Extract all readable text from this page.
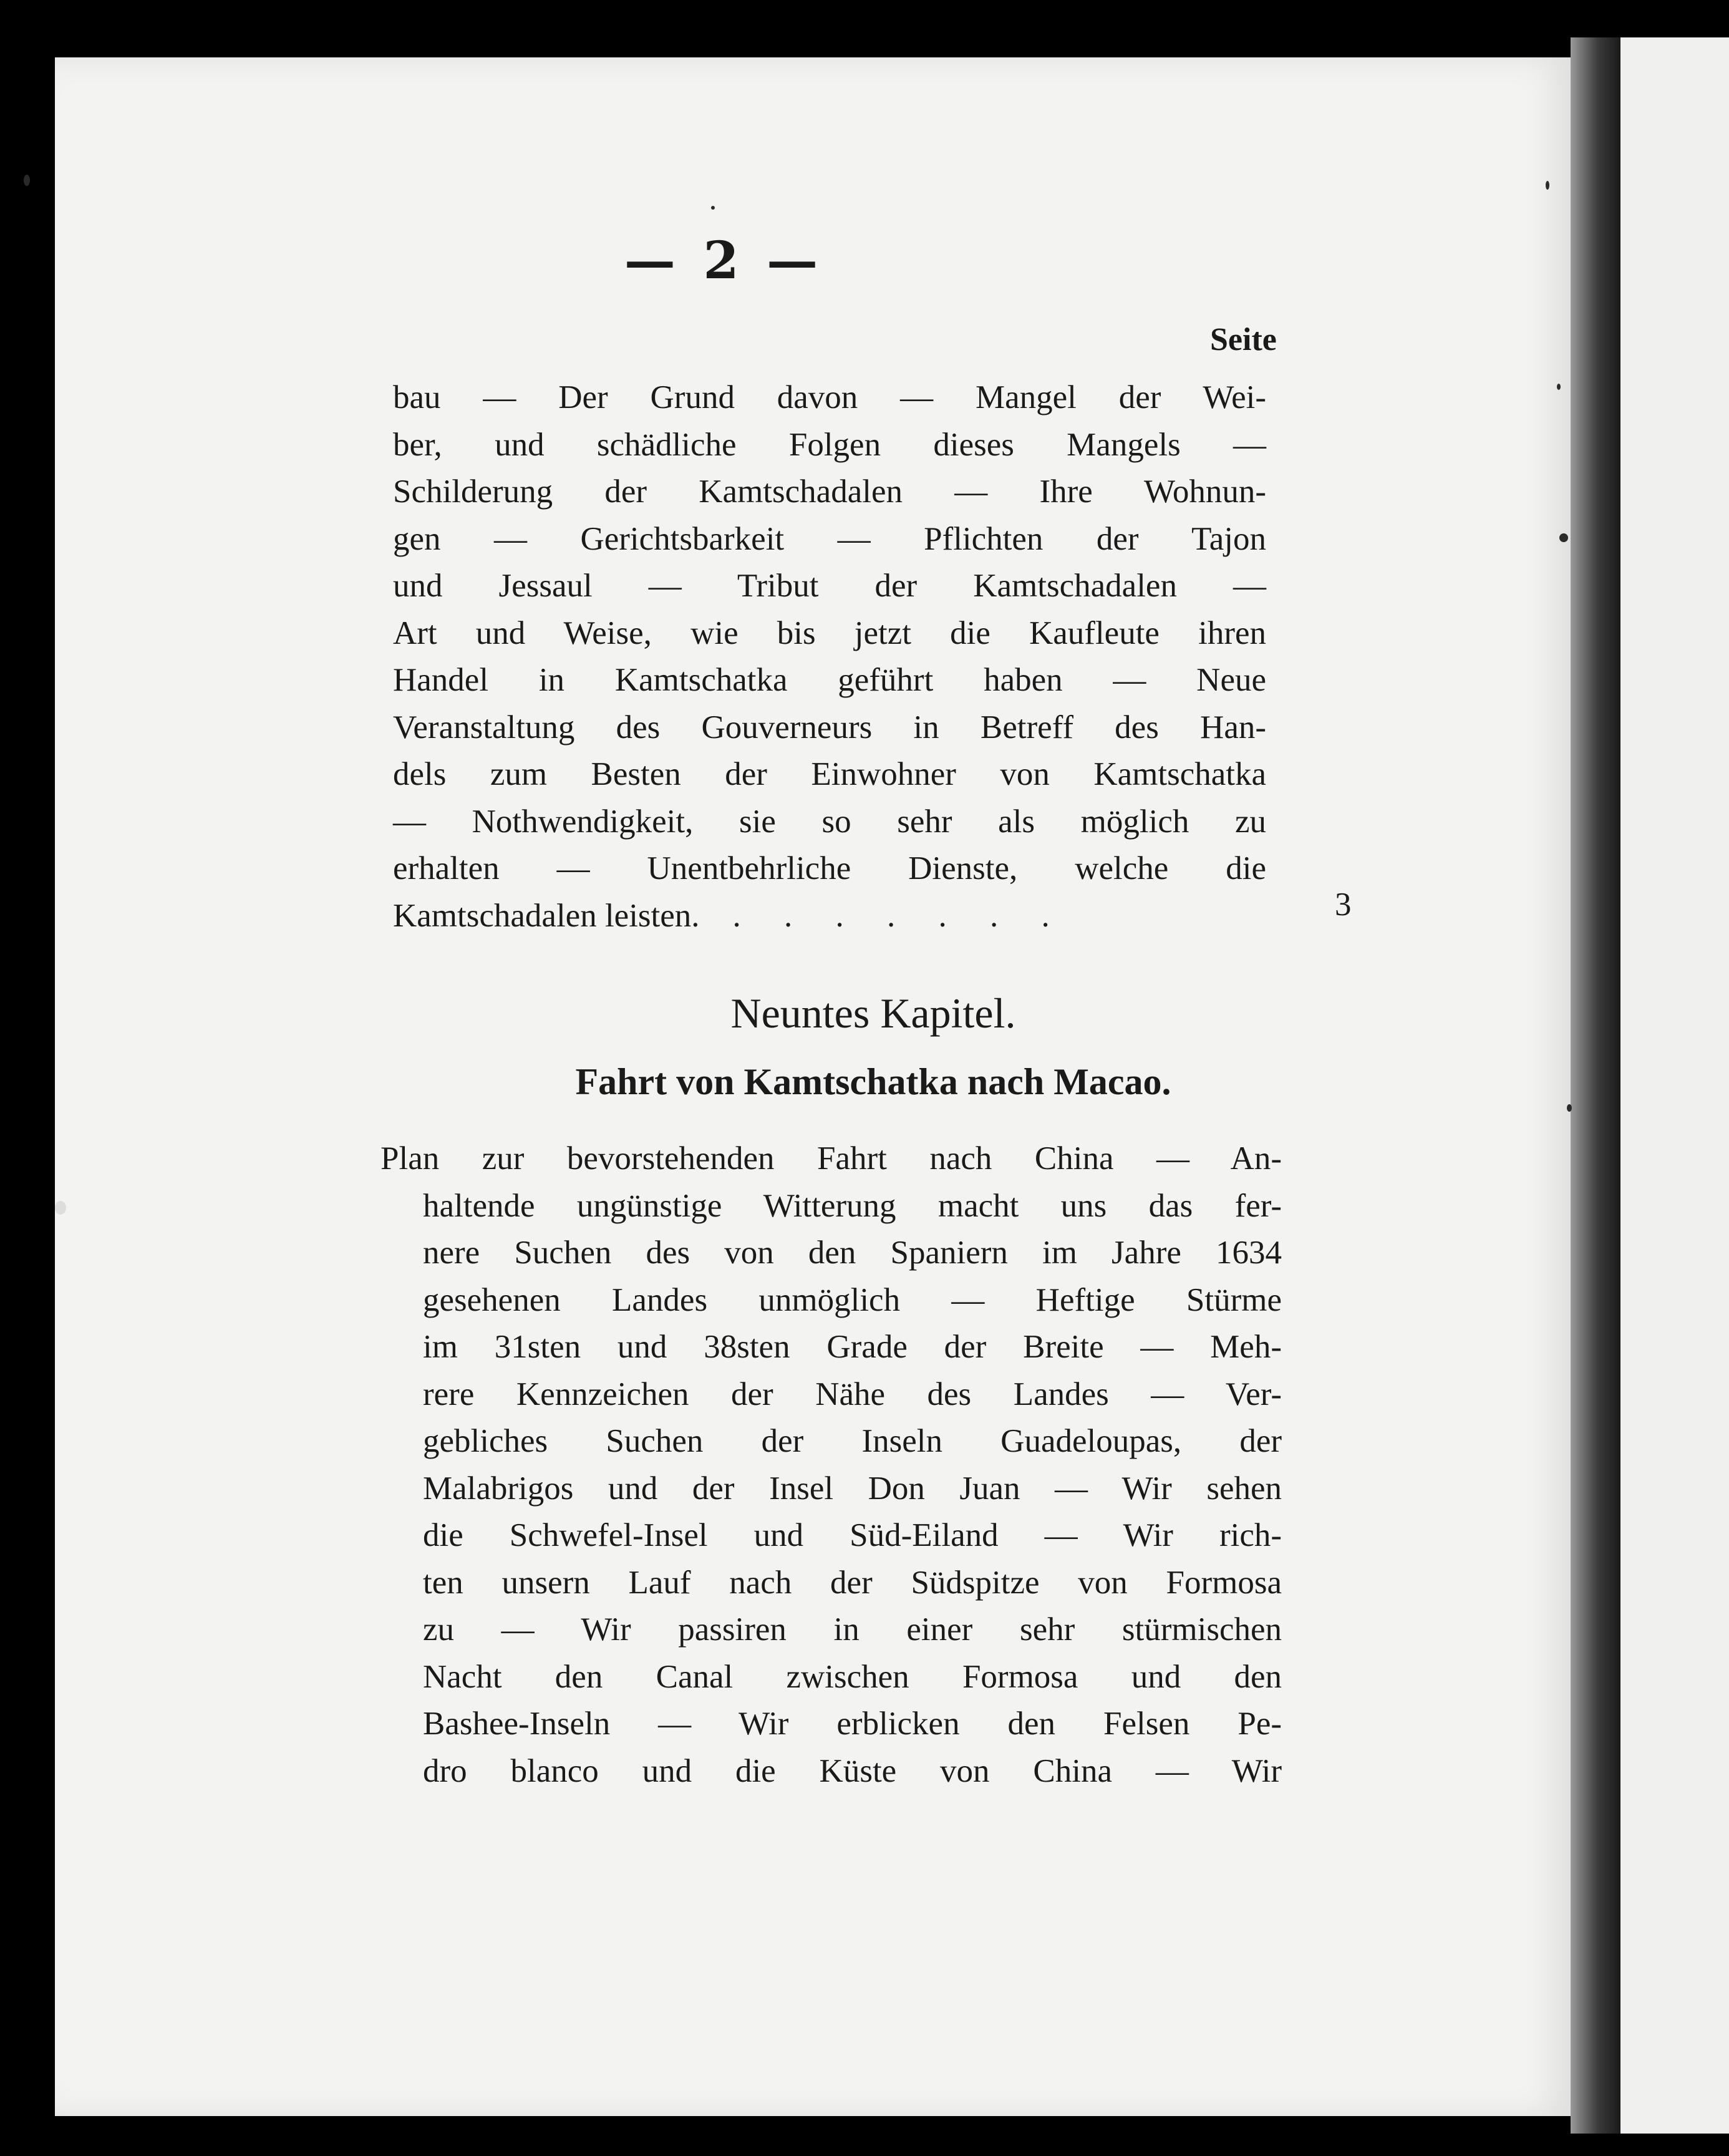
— 2 —
Seite
bau — Der Grund davon — Mangel der Wei-
ber, und schädliche Folgen dieses Mangels —
Schilderung der Kamtschadalen — Ihre Wohnun-
gen — Gerichtsbarkeit — Pflichten der Tajon
und Jessaul — Tribut der Kamtschadalen —
Art und Weise, wie bis jetzt die Kaufleute ihren
Handel in Kamtschatka geführt haben — Neue
Veranstaltung des Gouverneurs in Betreff des Han-
dels zum Besten der Einwohner von Kamtschatka
— Nothwendigkeit, sie so sehr als möglich zu
erhalten — Unentbehrliche Dienste, welche die
Kamtschadalen leisten. . . . . . . .	3
Neuntes Kapitel.
Fahrt von Kamtschatka nach Macao.
Plan zur bevorstehenden Fahrt nach China — An-
haltende ungünstige Witterung macht uns das fer-
nere Suchen des von den Spaniern im Jahre 1634
gesehenen Landes unmöglich — Heftige Stürme
im 31sten und 38sten Grade der Breite — Meh-
rere Kennzeichen der Nähe des Landes — Ver-
gebliches Suchen der Inseln Guadeloupas, der
Malabrigos und der Insel Don Juan — Wir sehen
die Schwefel-Insel und Süd-Eiland — Wir rich-
ten unsern Lauf nach der Südspitze von Formosa
zu — Wir passiren in einer sehr stürmischen
Nacht den Canal zwischen Formosa und den
Bashee-Inseln — Wir erblicken den Felsen Pe-
dro blanco und die Küste von China — Wir
